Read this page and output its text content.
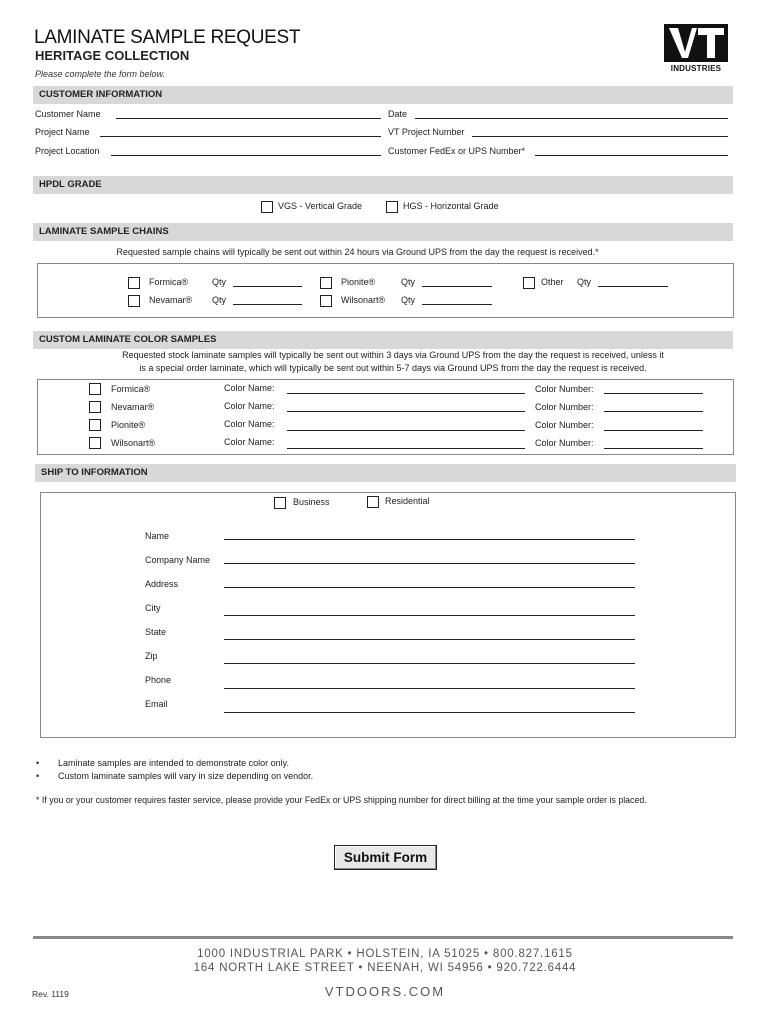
LAMINATE SAMPLE REQUEST
HERITAGE COLLECTION
Please complete the form below.
VT
INDUSTRIES
CUSTOMER INFORMATION
Customer Name	Date
Project Name	VT Project Number
Project Location	Customer FedEx or UPS Number*
HPDL GRADE
VGS - Vertical Grade	HGS - Horizontal Grade
LAMINATE SAMPLE CHAINS
Requested sample chains will typically be sent out within 24 hours via Ground UPS from the day the request is received.*
Formica®	Qty
Nevamar® Qty
Pionite®	Qty
Wilsonart® Qty
Other Qty
CUSTOM LAMINATE COLOR SAMPLES
Requested stock laminate samples will typically be sent out within 3 days via Ground UPS from the day the request is received, unless it
is a special order laminate, which will typically be sent out within 5-7 days via Ground UPS from the day the request is received.
Formica®	Color Name:	Color Number:
Nevamar®	Color Name:	Color Number:
Pionite®	Color Name:	Color Number:
Wilsonart®	Color Name:	Color Number:
SHIP TO INFORMATION
Business	Residential
Name
Company Name
Address
City
State
Zip
Phone
Email
• Laminate samples are intended to demonstrate color only.
• Custom laminate samples will vary in size depending on vendor.
* If you or your customer requires faster service, please provide your FedEx or UPS shipping number for direct billing at the time your sample order is placed.
Submit Form
1000 INDUSTRIAL PARK • HOLSTEIN, IA 51025 • 800.827.1615
164 NORTH LAKE STREET • NEENAH, WI 54956 • 920.722.6444
VTDOORS.COM
Rev. 1119
